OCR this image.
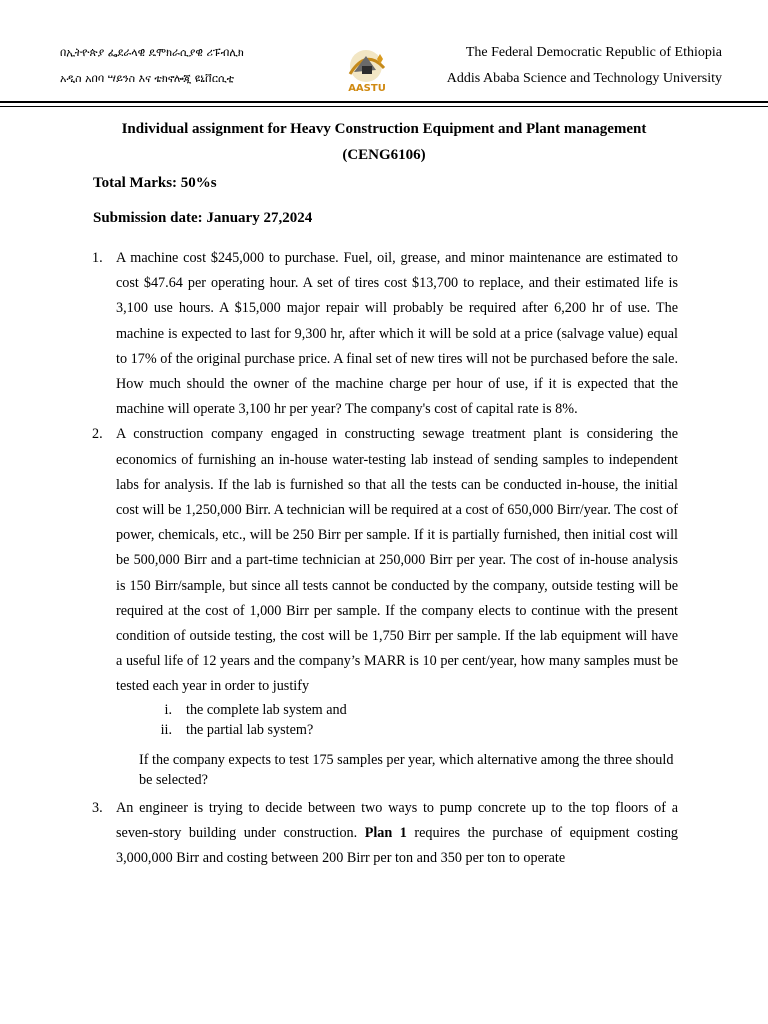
በኢትዮጵያ ፌደራላዊ ዴሞክራሲያዊ ሪፑብሊክ
አዲስ አበባ ሣይንስ እና ቴክኖሎጂ ዩኒቨርሲቲ
AASTU
The Federal Democratic Republic of Ethiopia
Addis Ababa Science and Technology University
Individual assignment for Heavy Construction Equipment and Plant management
(CENG6106)
Total Marks: 50%s
Submission date: January 27,2024
1. A machine cost $245,000 to purchase. Fuel, oil, grease, and minor maintenance are estimated to cost $47.64 per operating hour. A set of tires cost $13,700 to replace, and their estimated life is 3,100 use hours. A $15,000 major repair will probably be required after 6,200 hr of use. The machine is expected to last for 9,300 hr, after which it will be sold at a price (salvage value) equal to 17% of the original purchase price. A final set of new tires will not be purchased before the sale. How much should the owner of the machine charge per hour of use, if it is expected that the machine will operate 3,100 hr per year? The company's cost of capital rate is 8%.
2. A construction company engaged in constructing sewage treatment plant is considering the economics of furnishing an in-house water-testing lab instead of sending samples to independent labs for analysis. If the lab is furnished so that all the tests can be conducted in-house, the initial cost will be 1,250,000 Birr. A technician will be required at a cost of 650,000 Birr/year. The cost of power, chemicals, etc., will be 250 Birr per sample. If it is partially furnished, then initial cost will be 500,000 Birr and a part-time technician at 250,000 Birr per year. The cost of in-house analysis is 150 Birr/sample, but since all tests cannot be conducted by the company, outside testing will be required at the cost of 1,000 Birr per sample. If the company elects to continue with the present condition of outside testing, the cost will be 1,750 Birr per sample. If the lab equipment will have a useful life of 12 years and the company’s MARR is 10 per cent/year, how many samples must be tested each year in order to justify
i. the complete lab system and
ii. the partial lab system?
If the company expects to test 175 samples per year, which alternative among the three should be selected?
3. An engineer is trying to decide between two ways to pump concrete up to the top floors of a seven-story building under construction. Plan 1 requires the purchase of equipment costing 3,000,000 Birr and costing between 200 Birr per ton and 350 per ton to operate
